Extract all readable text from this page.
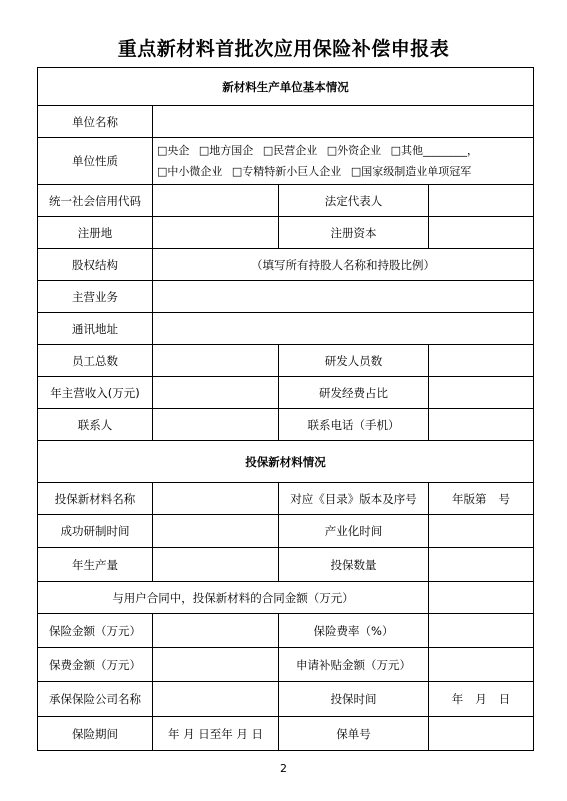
重点新材料首批次应用保险补偿申报表
新材料生产单位基本情况			
单位名称			
单位性质	□央企 □地方国企 □民营企业 □外资企业 □其他________，
□中小微企业 □专精特新小巨人企业 □国家级制造业单项冠军		

统一社会信用代码		法定代表人	
注册地		注册资本	
股权结构	（填写所有持股人名称和持股比例）		
主营业务			
通讯地址			
员工总数		研发人员数	
年主营收入(万元)		研发经费占比	
联系人		联系电话（手机）	
投保新材料情况			
投保新材料名称		对应《目录》版本及序号	年版第 号
成功研制时间		产业化时间	
年生产量		投保数量	
与用户合同中，投保新材料的合同金额（万元）			
保险金额（万元）		保险费率（%）	
保费金额（万元）		申请补贴金额（万元）	
承保保险公司名称		投保时间	年 月 日
保险期间	年 月 日至年 月 日	保单号	
2
